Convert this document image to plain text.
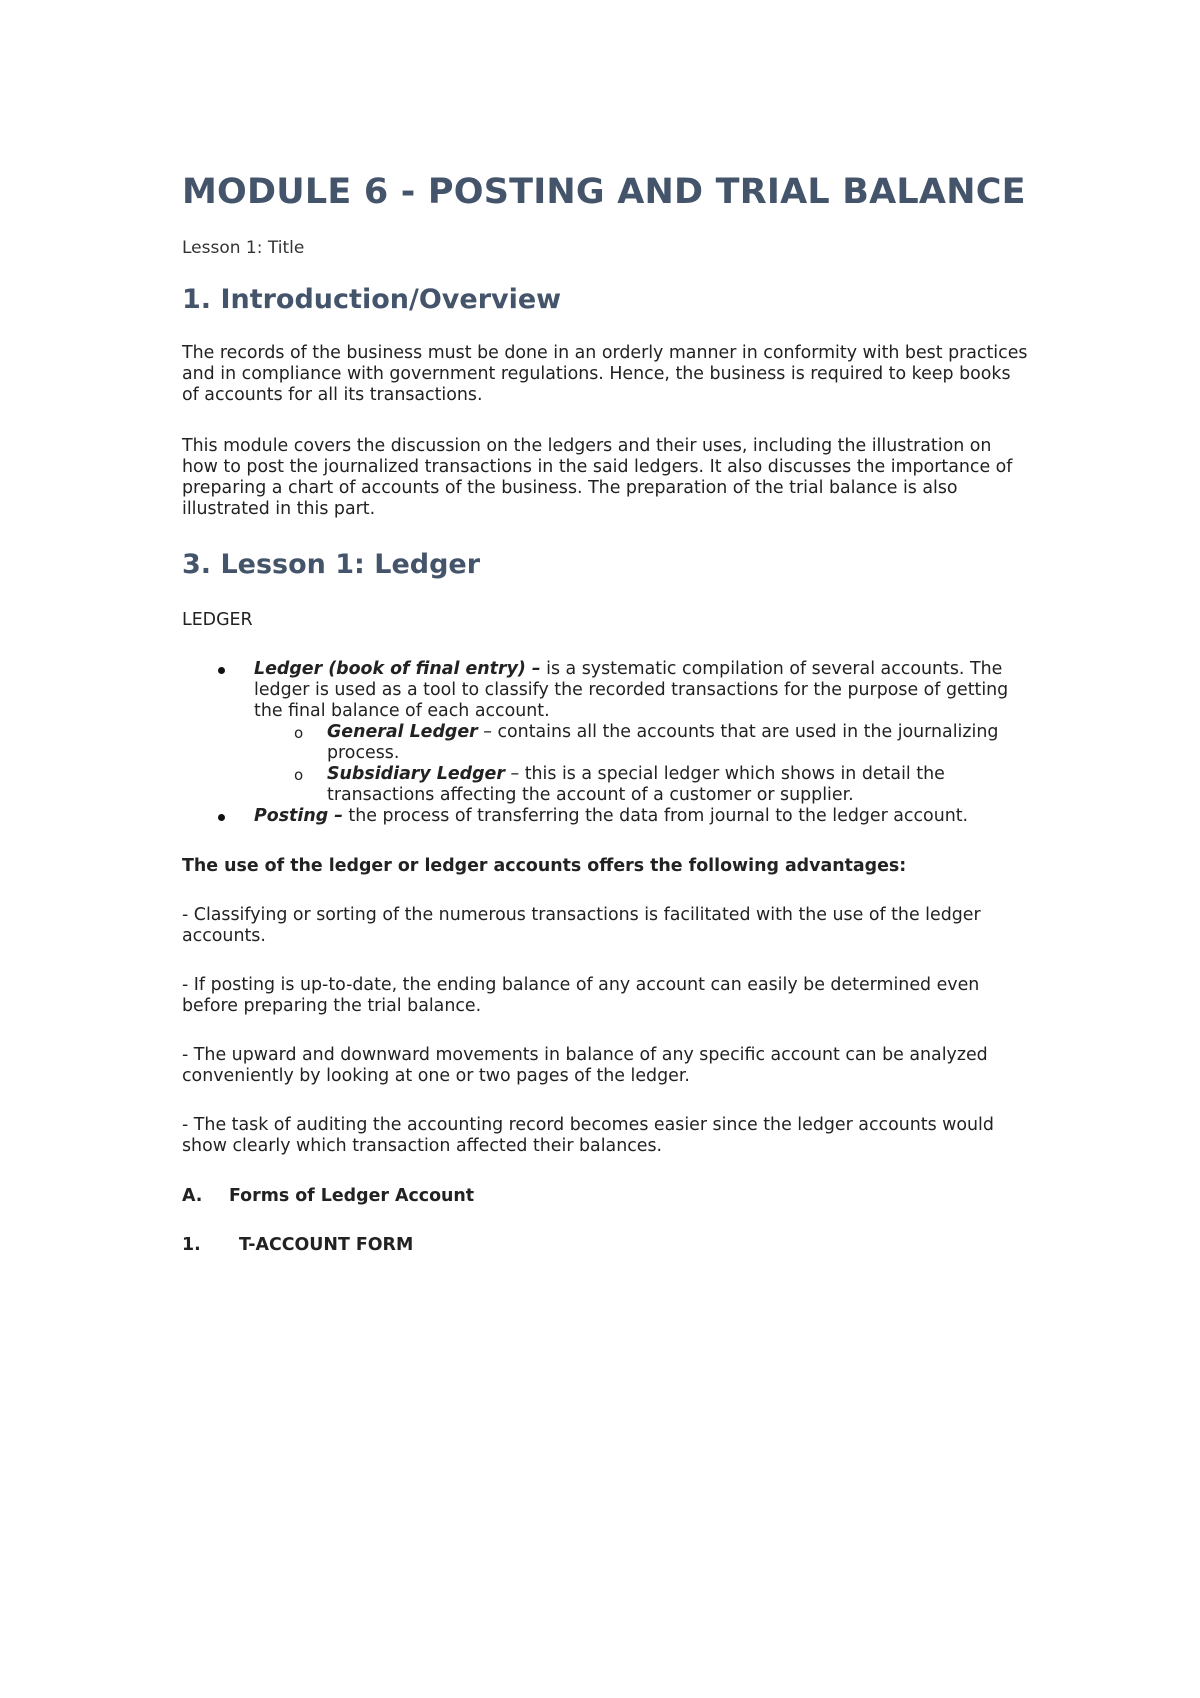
MODULE 6 - POSTING AND TRIAL BALANCE

Lesson 1: Title

1. Introduction/Overview

The records of the business must be done in an orderly manner in conformity with best practices and in compliance with government regulations. Hence, the business is required to keep books of accounts for all its transactions.

This module covers the discussion on the ledgers and their uses, including the illustration on how to post the journalized transactions in the said ledgers. It also discusses the importance of preparing a chart of accounts of the business. The preparation of the trial balance is also illustrated in this part.

3. Lesson 1: Ledger

LEDGER

Ledger (book of final entry) – is a systematic compilation of several accounts. The ledger is used as a tool to classify the recorded transactions for the purpose of getting the final balance of each account.
o General Ledger – contains all the accounts that are used in the journalizing process.
o Subsidiary Ledger – this is a special ledger which shows in detail the transactions affecting the account of a customer or supplier.
Posting – the process of transferring the data from journal to the ledger account.

The use of the ledger or ledger accounts offers the following advantages:

- Classifying or sorting of the numerous transactions is facilitated with the use of the ledger accounts.

- If posting is up-to-date, the ending balance of any account can easily be determined even before preparing the trial balance.

- The upward and downward movements in balance of any specific account can be analyzed conveniently by looking at one or two pages of the ledger.

- The task of auditing the accounting record becomes easier since the ledger accounts would show clearly which transaction affected their balances.

A. Forms of Ledger Account

1. T-ACCOUNT FORM
